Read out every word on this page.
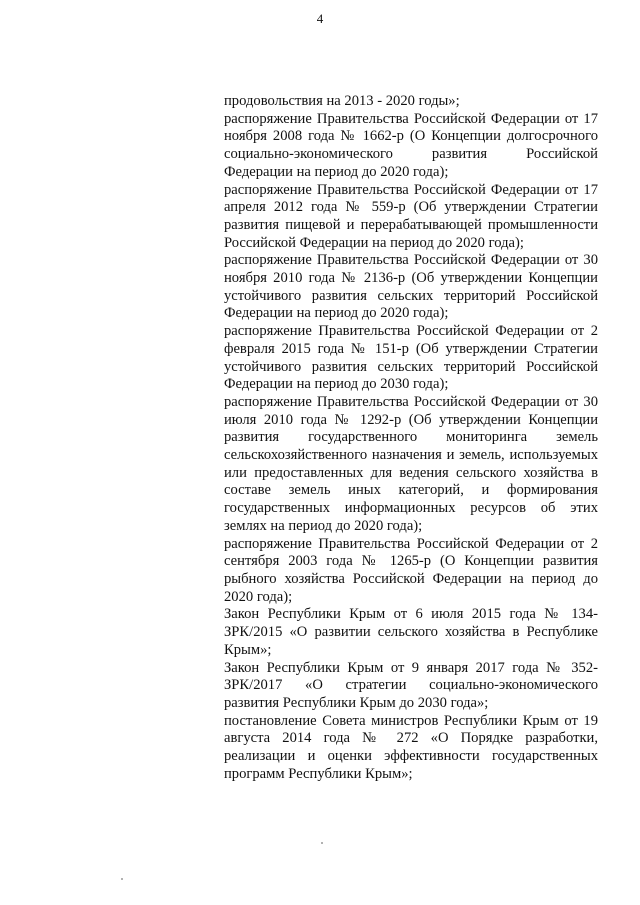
4

продовольствия на 2013 - 2020 годы»;

распоряжение Правительства Российской Федерации от 17 ноября 2008 года № 1662-р (О Концепции долгосрочного социально-экономического развития Российской Федерации на период до 2020 года);

распоряжение Правительства Российской Федерации от 17 апреля 2012 года № 559-р (Об утверждении Стратегии развития пищевой и перерабатывающей промышленности Российской Федерации на период до 2020 года);

распоряжение Правительства Российской Федерации от 30 ноября 2010 года № 2136-р (Об утверждении Концепции устойчивого развития сельских территорий Российской Федерации на период до 2020 года);

распоряжение Правительства Российской Федерации от 2 февраля 2015 года № 151-р (Об утверждении Стратегии устойчивого развития сельских территорий Российской Федерации на период до 2030 года);

распоряжение Правительства Российской Федерации от 30 июля 2010 года № 1292-р (Об утверждении Концепции развития государственного мониторинга земель сельскохозяйственного назначения и земель, используемых или предоставленных для ведения сельского хозяйства в составе земель иных категорий, и формирования государственных информационных ресурсов об этих землях на период до 2020 года);

распоряжение Правительства Российской Федерации от 2 сентября 2003 года № 1265-р (О Концепции развития рыбного хозяйства Российской Федерации на период до 2020 года);

Закон Республики Крым от 6 июля 2015 года № 134-ЗРК/2015 «О развитии сельского хозяйства в Республике Крым»;

Закон Республики Крым от 9 января 2017 года № 352-ЗРК/2017 «О стратегии социально-экономического развития Республики Крым до 2030 года»;

постановление Совета министров Республики Крым от 19 августа 2014 года № 272 «О Порядке разработки, реализации и оценки эффективности государственных программ Республики Крым»;
